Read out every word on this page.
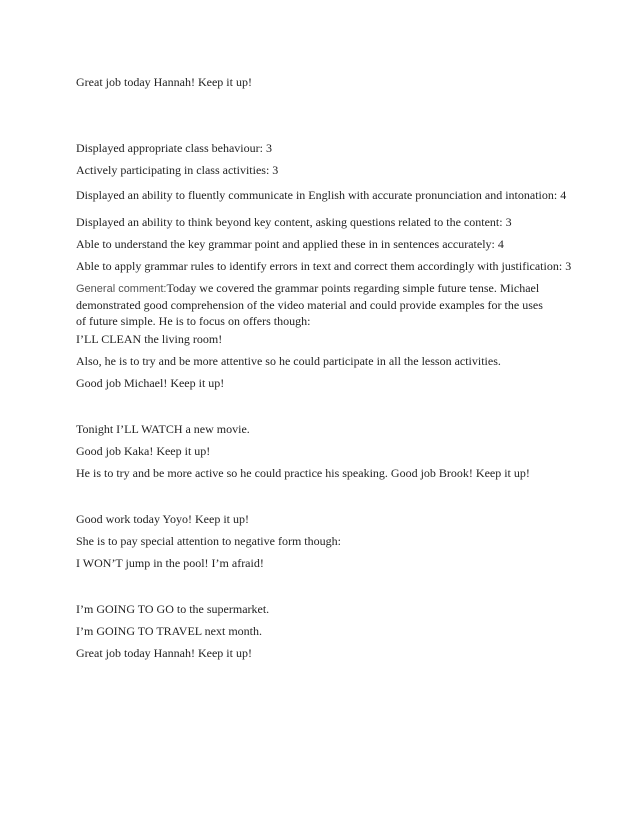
Great job today Hannah! Keep it up!
Displayed appropriate class behaviour: 3
Actively participating in class activities: 3
Displayed an ability to fluently communicate in English with accurate pronunciation and intonation: 4
Displayed an ability to think beyond key content, asking questions related to the content: 3
Able to understand the key grammar point and applied these in in sentences accurately: 4
Able to apply grammar rules to identify errors in text and correct them accordingly with justification: 3
General comment:Today we covered the grammar points regarding simple future tense. Michael demonstrated good comprehension of the video material and could provide examples for the uses of future simple. He is to focus on offers though:
I’LL CLEAN the living room!
Also, he is to try and be more attentive so he could participate in all the lesson activities.
Good job Michael! Keep it up!
Tonight I’LL WATCH a new movie.
Good job Kaka! Keep it up!
He is to try and be more active so he could practice his speaking. Good job Brook! Keep it up!
Good work today Yoyo! Keep it up!
She is to pay special attention to negative form though:
I WON’T jump in the pool! I’m afraid!
I’m GOING TO GO to the supermarket.
I’m GOING TO TRAVEL next month.
Great job today Hannah! Keep it up!
